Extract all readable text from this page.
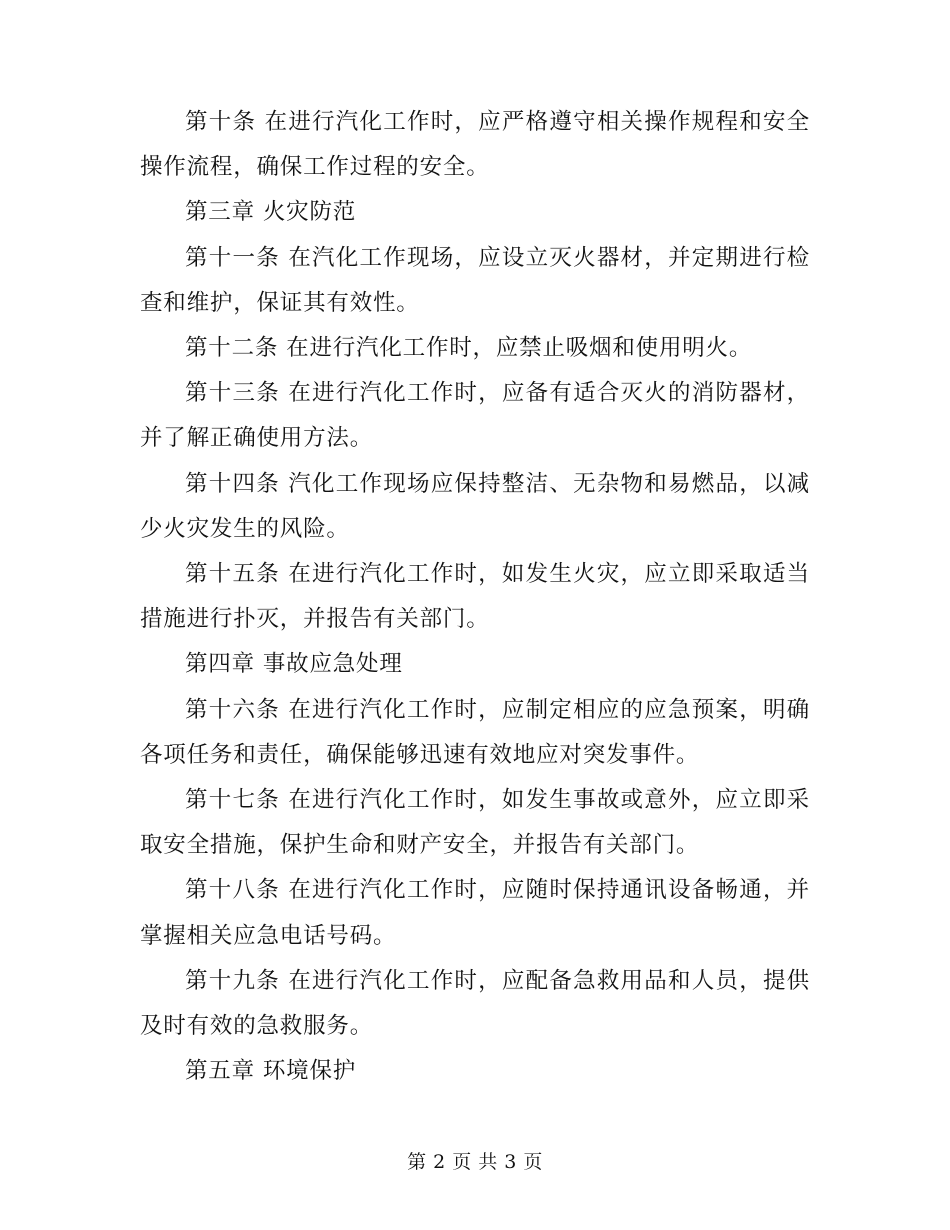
第十条 在进行汽化工作时，应严格遵守相关操作规程和安全操作流程，确保工作过程的安全。

第三章 火灾防范

第十一条 在汽化工作现场，应设立灭火器材，并定期进行检查和维护，保证其有效性。

第十二条 在进行汽化工作时，应禁止吸烟和使用明火。

第十三条 在进行汽化工作时，应备有适合灭火的消防器材，并了解正确使用方法。

第十四条 汽化工作现场应保持整洁、无杂物和易燃品，以减少火灾发生的风险。

第十五条 在进行汽化工作时，如发生火灾，应立即采取适当措施进行扑灭，并报告有关部门。

第四章 事故应急处理

第十六条 在进行汽化工作时，应制定相应的应急预案，明确各项任务和责任，确保能够迅速有效地应对突发事件。

第十七条 在进行汽化工作时，如发生事故或意外，应立即采取安全措施，保护生命和财产安全，并报告有关部门。

第十八条 在进行汽化工作时，应随时保持通讯设备畅通，并掌握相关应急电话号码。

第十九条 在进行汽化工作时，应配备急救用品和人员，提供及时有效的急救服务。

第五章 环境保护

第 2 页 共 3 页
